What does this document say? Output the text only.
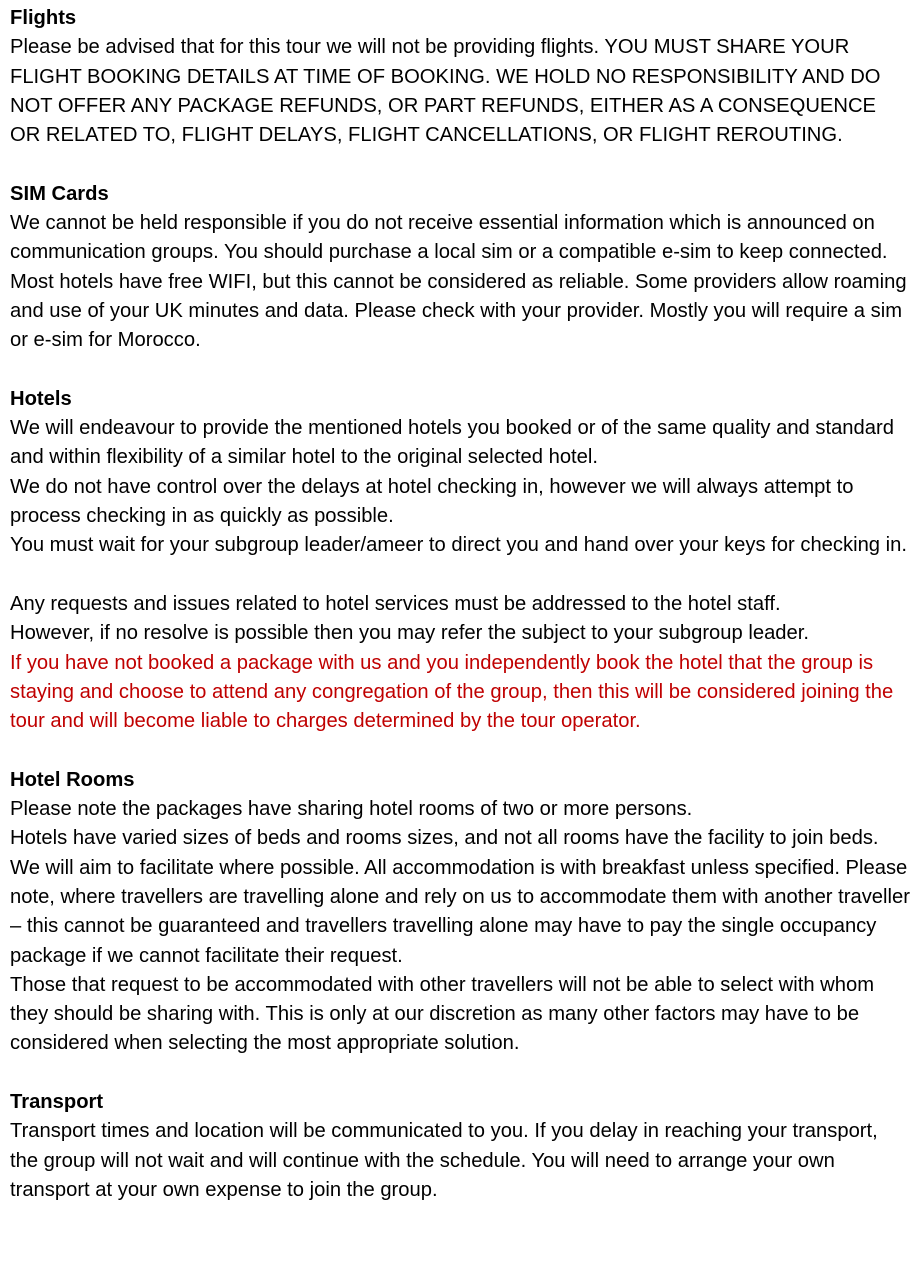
Flights

Please be advised that for this tour we will not be providing flights. YOU MUST SHARE YOUR FLIGHT BOOKING DETAILS AT TIME OF BOOKING. WE HOLD NO RESPONSIBILITY AND DO NOT OFFER ANY PACKAGE REFUNDS, OR PART REFUNDS, EITHER AS A CONSEQUENCE OR RELATED TO, FLIGHT DELAYS, FLIGHT CANCELLATIONS, OR FLIGHT REROUTING.

SIM Cards

We cannot be held responsible if you do not receive essential information which is announced on communication groups. You should purchase a local sim or a compatible e-sim to keep connected. Most hotels have free WIFI, but this cannot be considered as reliable. Some providers allow roaming and use of your UK minutes and data. Please check with your provider. Mostly you will require a sim or e-sim for Morocco.

Hotels

We will endeavour to provide the mentioned hotels you booked or of the same quality and standard and within flexibility of a similar hotel to the original selected hotel.

We do not have control over the delays at hotel checking in, however we will always attempt to process checking in as quickly as possible.

You must wait for your subgroup leader/ameer to direct you and hand over your keys for checking in.

Any requests and issues related to hotel services must be addressed to the hotel staff.

However, if no resolve is possible then you may refer the subject to your subgroup leader.

If you have not booked a package with us and you independently book the hotel that the group is staying and choose to attend any congregation of the group, then this will be considered joining the tour and will become liable to charges determined by the tour operator.

Hotel Rooms

Please note the packages have sharing hotel rooms of two or more persons.

Hotels have varied sizes of beds and rooms sizes, and not all rooms have the facility to join beds. We will aim to facilitate where possible. All accommodation is with breakfast unless specified. Please note, where travellers are travelling alone and rely on us to accommodate them with another traveller – this cannot be guaranteed and travellers travelling alone may have to pay the single occupancy package if we cannot facilitate their request.

Those that request to be accommodated with other travellers will not be able to select with whom they should be sharing with. This is only at our discretion as many other factors may have to be considered when selecting the most appropriate solution.

Transport

Transport times and location will be communicated to you. If you delay in reaching your transport, the group will not wait and will continue with the schedule. You will need to arrange your own transport at your own expense to join the group.
